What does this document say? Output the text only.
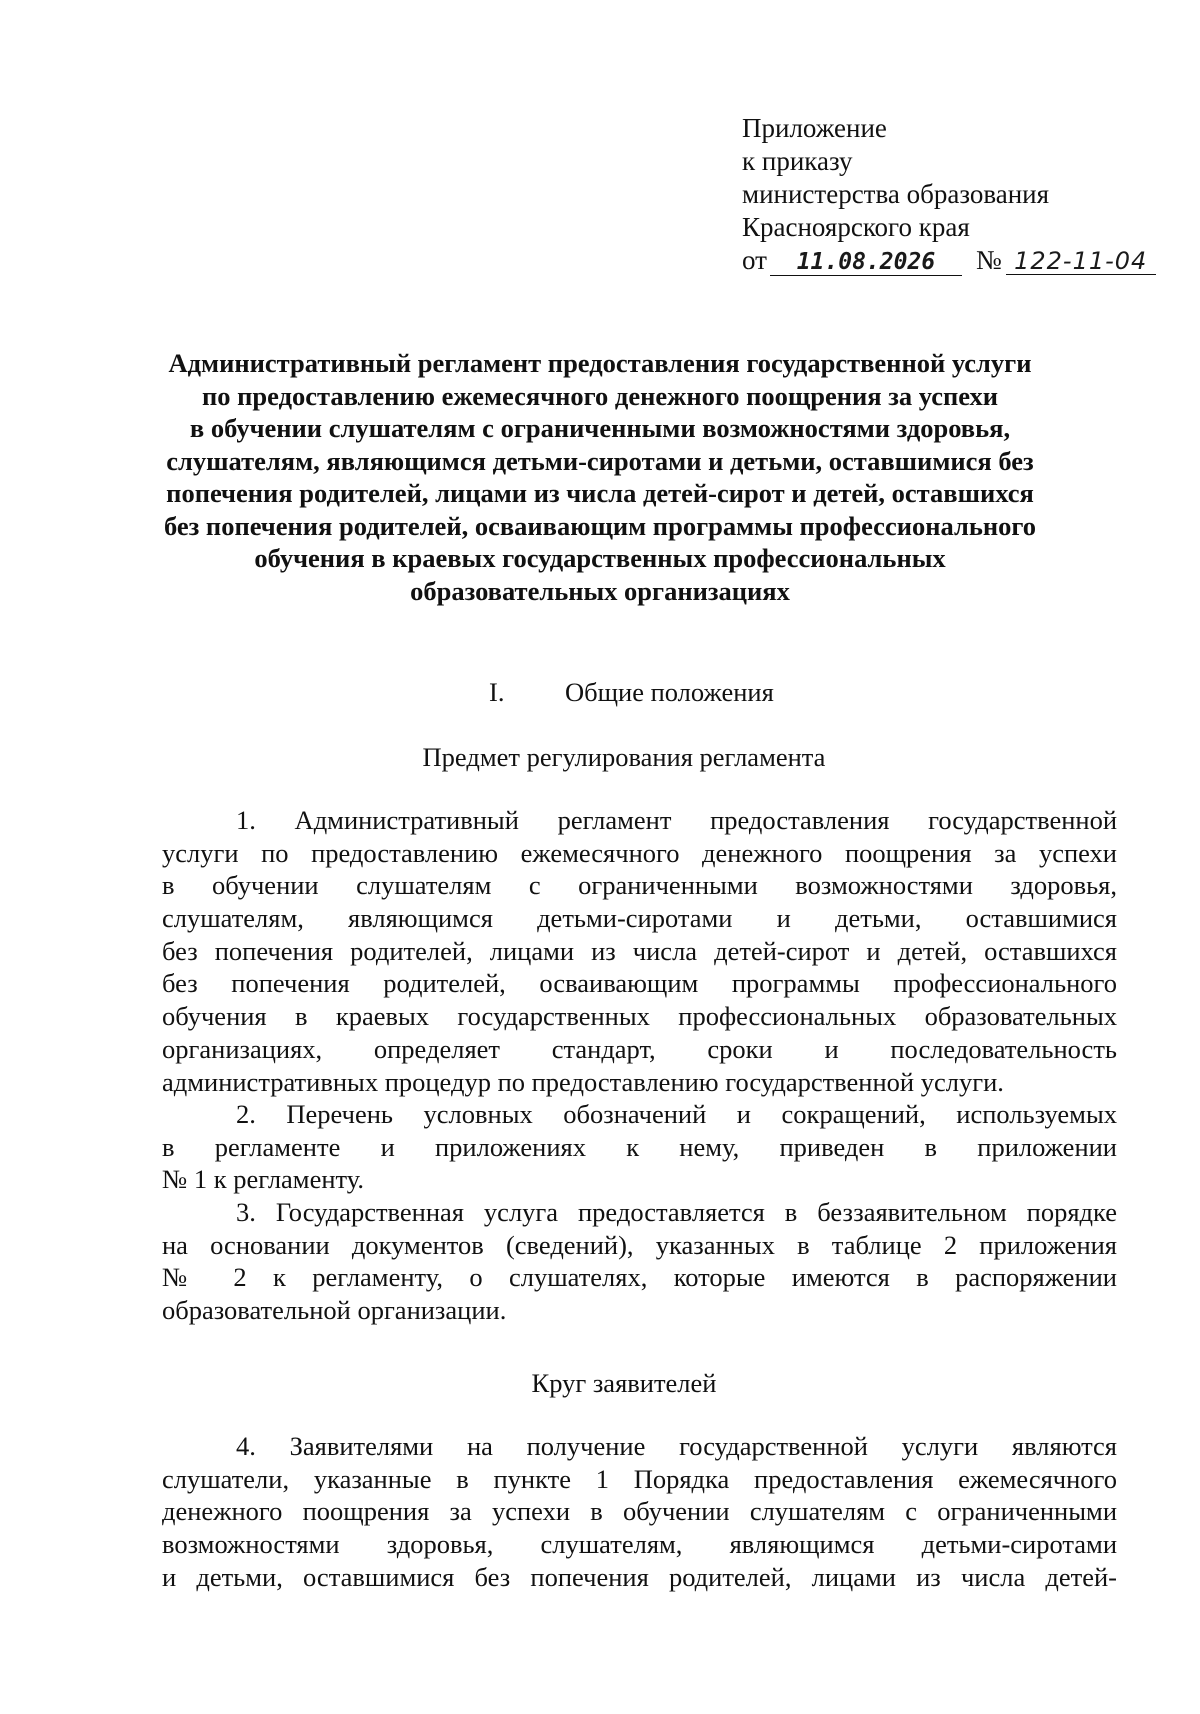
Приложение
к приказу
министерства образования
Красноярского края
от	11.08.2026	№ 122-11-04
Административный регламент предоставления государственной услуги
по предоставлению ежемесячного денежного поощрения за успехи
в обучении слушателям с ограниченными возможностями здоровья,
слушателям, являющимся детьми-сиротами и детьми, оставшимися без
попечения родителей, лицами из числа детей-сирот и детей, оставшихся
без попечения родителей, осваивающим программы профессионального
обучения в краевых государственных профессиональных
образовательных организациях
I. Общие положения
Предмет регулирования регламента
1. Административный регламент предоставления государственной
услуги по предоставлению ежемесячного денежного поощрения за успехи
в обучении слушателям с ограниченными возможностями здоровья,
слушателям, являющимся детьми-сиротами и детьми, оставшимися
без попечения родителей, лицами из числа детей-сирот и детей, оставшихся
без попечения родителей, осваивающим программы профессионального
обучения в краевых государственных профессиональных образовательных
организациях, определяет стандарт, сроки и последовательность
административных процедур по предоставлению государственной услуги.
2. Перечень условных обозначений и сокращений, используемых
в регламенте и приложениях к нему, приведен в приложении
№ 1 к регламенту.
3. Государственная услуга предоставляется в беззаявительном порядке
на основании документов (сведений), указанных в таблице 2 приложения
№ 2 к регламенту, о слушателях, которые имеются в распоряжении
образовательной организации.
Круг заявителей
4. Заявителями на получение государственной услуги являются
слушатели, указанные в пункте 1 Порядка предоставления ежемесячного
денежного поощрения за успехи в обучении слушателям с ограниченными
возможностями здоровья, слушателям, являющимся детьми-сиротами
и детьми, оставшимися без попечения родителей, лицами из числа детей-
